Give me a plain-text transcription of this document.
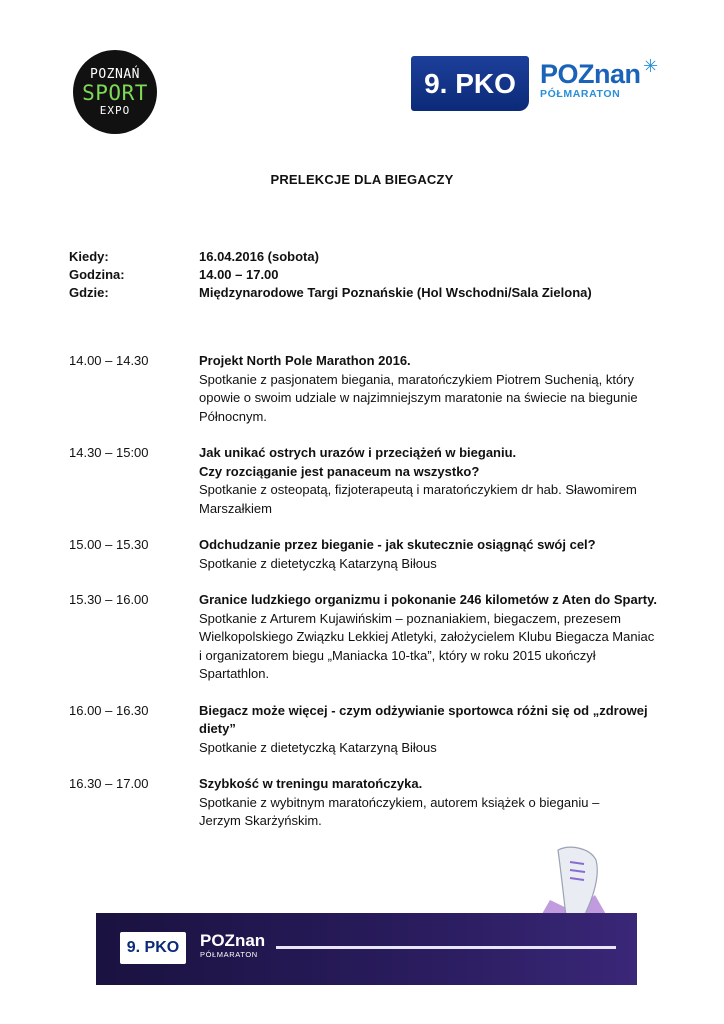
POZNAŃ
SPORT
EXPO
9. PKO POZnan
PÓŁMARATON
✳
PRELEKCJE DLA BIEGACZY
Kiedy:	16.04.2016 (sobota)
Godzina:	14.00 – 17.00
Gdzie:	Międzynarodowe Targi Poznańskie (Hol Wschodni/Sala Zielona)
14.00 – 14.30	Projekt North Pole Marathon 2016.
Spotkanie z pasjonatem biegania, maratończykiem Piotrem Suchenią, który opowie o swoim udziale w najzimniejszym maratonie na świecie na biegunie Północnym.
14.30 – 15:00	Jak unikać ostrych urazów i przeciążeń w bieganiu. Czy rozciąganie jest panaceum na wszystko?
Spotkanie z osteopatą, fizjoterapeutą i maratończykiem dr hab. Sławomirem Marszałkiem
15.00 – 15.30	Odchudzanie przez bieganie - jak skutecznie osiągnąć swój cel?
Spotkanie z dietetyczką Katarzyną Biłous
15.30 – 16.00	Granice ludzkiego organizmu i pokonanie 246 kilometów z Aten do Sparty.
Spotkanie z Arturem Kujawińskim – poznaniakiem, biegaczem, prezesem Wielkopolskiego Związku Lekkiej Atletyki, założycielem Klubu Biegacza Maniac i organizatorem biegu „Maniacka 10-tka”, który w roku 2015 ukończył Spartathlon.
16.00 – 16.30	Biegacz może więcej - czym odżywianie sportowca różni się od „zdrowej diety”
Spotkanie z dietetyczką Katarzyną Biłous
16.30 – 17.00	Szybkość w treningu maratończyka.
Spotkanie z wybitnym maratończykiem, autorem książek o bieganiu – Jerzym Skarżyńskim.
9. PKO	POZnan
PÓŁMARATON
